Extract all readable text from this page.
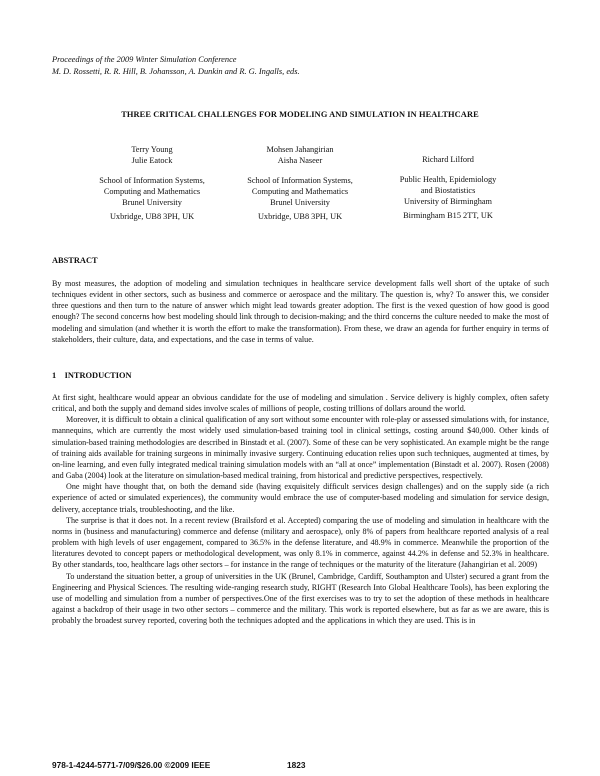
Proceedings of the 2009 Winter Simulation Conference
M. D. Rossetti, R. R. Hill, B. Johansson, A. Dunkin and R. G. Ingalls, eds.
THREE CRITICAL CHALLENGES FOR MODELING AND SIMULATION IN HEALTHCARE
Terry Young
Julie Eatock
School of Information Systems,
Computing and Mathematics
Brunel University
Uxbridge, UB8 3PH, UK
Mohsen Jahangirian
Aisha Naseer
School of Information Systems,
Computing and Mathematics
Brunel University
Uxbridge, UB8 3PH, UK
Richard Lilford
Public Health, Epidemiology
and Biostatistics
University of Birmingham
Birmingham B15 2TT, UK
ABSTRACT

By most measures, the adoption of modeling and simulation techniques in healthcare service development falls well short of the uptake of such techniques evident in other sectors, such as business and commerce or aerospace and the military. The question is, why? To answer this, we consider three questions and then turn to the nature of answer which might lead towards greater adoption. The first is the vexed question of how good is good enough? The second concerns how best modeling should link through to decision-making; and the third concerns the culture needed to make the most of modeling and simulation (and whether it is worth the effort to make the transformation). From these, we draw an agenda for further enquiry in terms of stakeholders, their culture, data, and expectations, and the case in terms of value.

1    INTRODUCTION

At first sight, healthcare would appear an obvious candidate for the use of modeling and simulation . Service delivery is highly complex, often safety critical, and both the supply and demand sides involve scales of millions of people, costing trillions of dollars around the world.

Moreover, it is difficult to obtain a clinical qualification of any sort without some encounter with role-play or assessed simulations with, for instance, mannequins, which are currently the most widely used simulation-based training tool in clinical settings, costing around $40,000. Other kinds of simulation-based training methodologies are described in Binstadt et al. (2007). Some of these can be very sophisticated. An example might be the range of training aids available for training surgeons in minimally invasive surgery. Continuing education relies upon such techniques, augmented at times, by on-line learning, and even fully integrated medical training simulation models with an “all at once” implementation (Binstadt et al. 2007). Rosen (2008) and Gaba (2004) look at the literature on simulation-based medical training, from historical and predictive perspectives, respectively.

One might have thought that, on both the demand side (having exquisitely difficult services design challenges) and on the supply side (a rich experience of acted or simulated experiences), the community would embrace the use of computer-based modeling and simulation for service design, delivery, acceptance trials, troubleshooting, and the like.

The surprise is that it does not. In a recent review (Brailsford et al. Accepted) comparing the use of modeling and simulation in healthcare with the norms in (business and manufacturing) commerce and defense (military and aerospace), only 8% of papers from healthcare reported analysis of a real problem with high levels of user engagement, compared to 36.5% in the defense literature, and 48.9% in commerce. Meanwhile the proportion of the literatures devoted to concept papers or methodological development, was only 8.1% in commerce, against 44.2% in defense and 52.3% in healthcare. By other standards, too, healthcare lags other sectors – for instance in the range of techniques or the maturity of the literature (Jahangirian et al. 2009)

To understand the situation better, a group of universities in the UK (Brunel, Cambridge, Cardiff, Southampton and Ulster) secured a grant from the Engineering and Physical Sciences. The resulting wide-ranging research study, RIGHT (Research Into Global Healthcare Tools), has been exploring the use of modelling and simulation from a number of perspectives.One of the first exercises was to try to set the adoption of these methods in healthcare against a backdrop of their usage in two other sectors – commerce and the military. This work is reported elsewhere, but as far as we are aware, this is probably the broadest survey reported, covering both the techniques adopted and the applications in which they are used. This is in

978-1-4244-5771-7/09/$26.00 ©2009 IEEE	1823
